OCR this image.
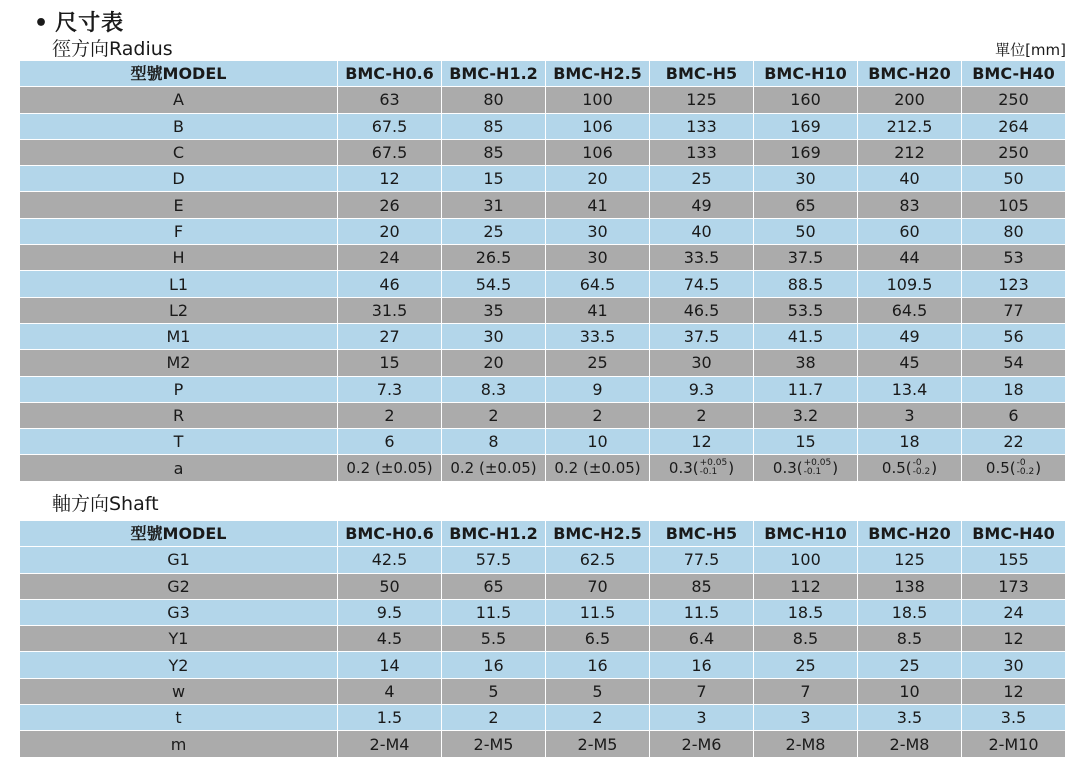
• 尺寸表
徑方向Radius	單位[mm]
型號MODEL	BMC-H0.6	BMC-H1.2	BMC-H2.5	BMC-H5	BMC-H10	BMC-H20	BMC-H40
A	63	80	100	125	160	200	250
B	67.5	85	106	133	169	212.5	264
C	67.5	85	106	133	169	212	250
D	12	15	20	25	30	40	50
E	26	31	41	49	65	83	105
F	20	25	30	40	50	60	80
H	24	26.5	30	33.5	37.5	44	53
L1	46	54.5	64.5	74.5	88.5	109.5	123
L2	31.5	35	41	46.5	53.5	64.5	77
M1	27	30	33.5	37.5	41.5	49	56
M2	15	20	25	30	38	45	54
P	7.3	8.3	9	9.3	11.7	13.4	18
R	2	2	2	2	3.2	3	6
T	6	8	10	12	15	18	22
a	0.2 (±0.05)	0.2 (±0.05)	0.2 (±0.05)	0.3( +0.05
-0.1 )	0.3( +0.05
-0.1 )	0.5( -0
-0.2 )	0.5( -0
-0.2 )
軸方向Shaft
型號MODEL	BMC-H0.6	BMC-H1.2	BMC-H2.5	BMC-H5	BMC-H10	BMC-H20	BMC-H40
G1	42.5	57.5	62.5	77.5	100	125	155
G2	50	65	70	85	112	138	173
G3	9.5	11.5	11.5	11.5	18.5	18.5	24
Y1	4.5	5.5	6.5	6.4	8.5	8.5	12
Y2	14	16	16	16	25	25	30
w	4	5	5	7	7	10	12
t	1.5	2	2	3	3	3.5	3.5
m	2-M4	2-M5	2-M5	2-M6	2-M8	2-M8	2-M10
